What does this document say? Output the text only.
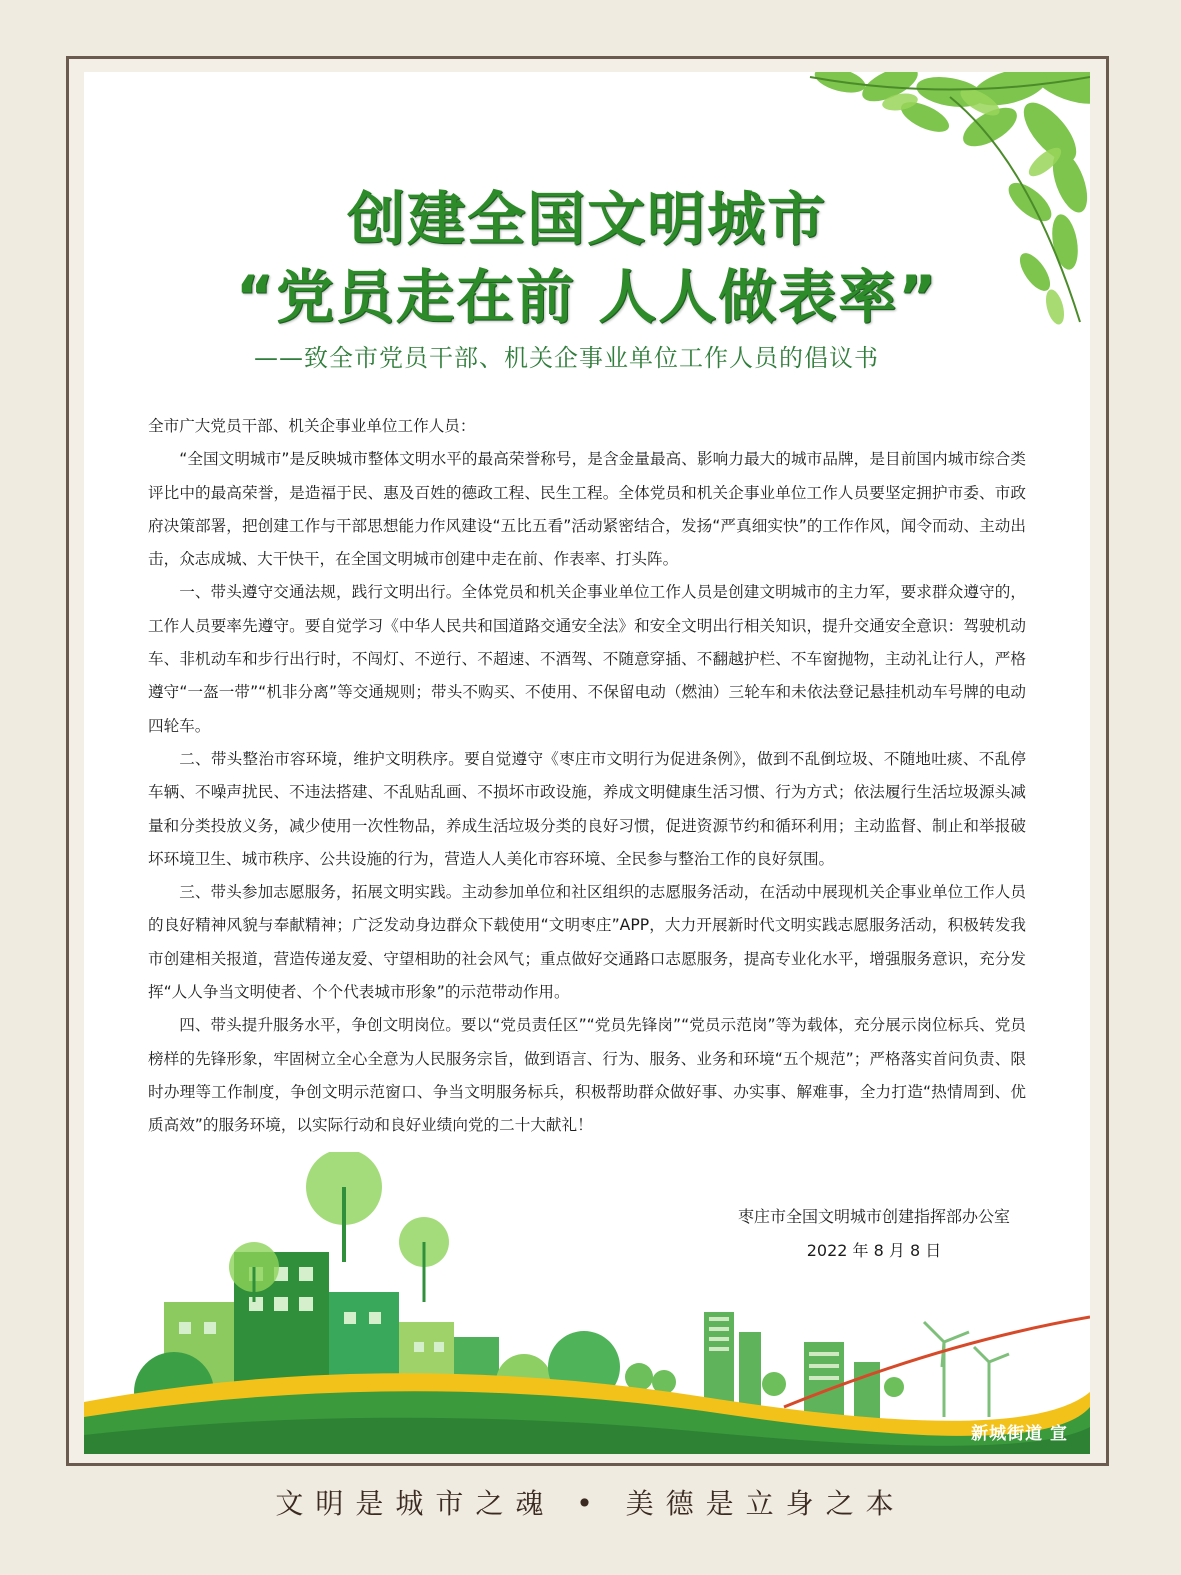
创建全国文明城市
“党员走在前 人人做表率”
——致全市党员干部、机关企事业单位工作人员的倡议书

全市广大党员干部、机关企事业单位工作人员：

“全国文明城市”是反映城市整体文明水平的最高荣誉称号，是含金量最高、影响力最大的城市品牌，是目前国内城市综合类评比中的最高荣誉，是造福于民、惠及百姓的德政工程、民生工程。全体党员和机关企事业单位工作人员要坚定拥护市委、市政府决策部署，把创建工作与干部思想能力作风建设“五比五看”活动紧密结合，发扬“严真细实快”的工作作风，闻令而动、主动出击，众志成城、大干快干，在全国文明城市创建中走在前、作表率、打头阵。

一、带头遵守交通法规，践行文明出行。全体党员和机关企事业单位工作人员是创建文明城市的主力军，要求群众遵守的，工作人员要率先遵守。要自觉学习《中华人民共和国道路交通安全法》和安全文明出行相关知识，提升交通安全意识：驾驶机动车、非机动车和步行出行时，不闯灯、不逆行、不超速、不酒驾、不随意穿插、不翻越护栏、不车窗抛物，主动礼让行人，严格遵守“一盔一带”“机非分离”等交通规则；带头不购买、不使用、不保留电动（燃油）三轮车和未依法登记悬挂机动车号牌的电动四轮车。

二、带头整治市容环境，维护文明秩序。要自觉遵守《枣庄市文明行为促进条例》，做到不乱倒垃圾、不随地吐痰、不乱停车辆、不噪声扰民、不违法搭建、不乱贴乱画、不损坏市政设施，养成文明健康生活习惯、行为方式；依法履行生活垃圾源头减量和分类投放义务，减少使用一次性物品，养成生活垃圾分类的良好习惯，促进资源节约和循环利用；主动监督、制止和举报破坏环境卫生、城市秩序、公共设施的行为，营造人人美化市容环境、全民参与整治工作的良好氛围。

三、带头参加志愿服务，拓展文明实践。主动参加单位和社区组织的志愿服务活动，在活动中展现机关企事业单位工作人员的良好精神风貌与奉献精神；广泛发动身边群众下载使用“文明枣庄”APP，大力开展新时代文明实践志愿服务活动，积极转发我市创建相关报道，营造传递友爱、守望相助的社会风气；重点做好交通路口志愿服务，提高专业化水平，增强服务意识，充分发挥“人人争当文明使者、个个代表城市形象”的示范带动作用。

四、带头提升服务水平，争创文明岗位。要以“党员责任区”“党员先锋岗”“党员示范岗”等为载体，充分展示岗位标兵、党员榜样的先锋形象，牢固树立全心全意为人民服务宗旨，做到语言、行为、服务、业务和环境“五个规范”；严格落实首问负责、限时办理等工作制度，争创文明示范窗口、争当文明服务标兵，积极帮助群众做好事、办实事、解难事，全力打造“热情周到、优质高效”的服务环境，以实际行动和良好业绩向党的二十大献礼！

枣庄市全国文明城市创建指挥部办公室
2022 年 8 月 8 日
新城街道 宣
文明是城市之魂 • 美德是立身之本
